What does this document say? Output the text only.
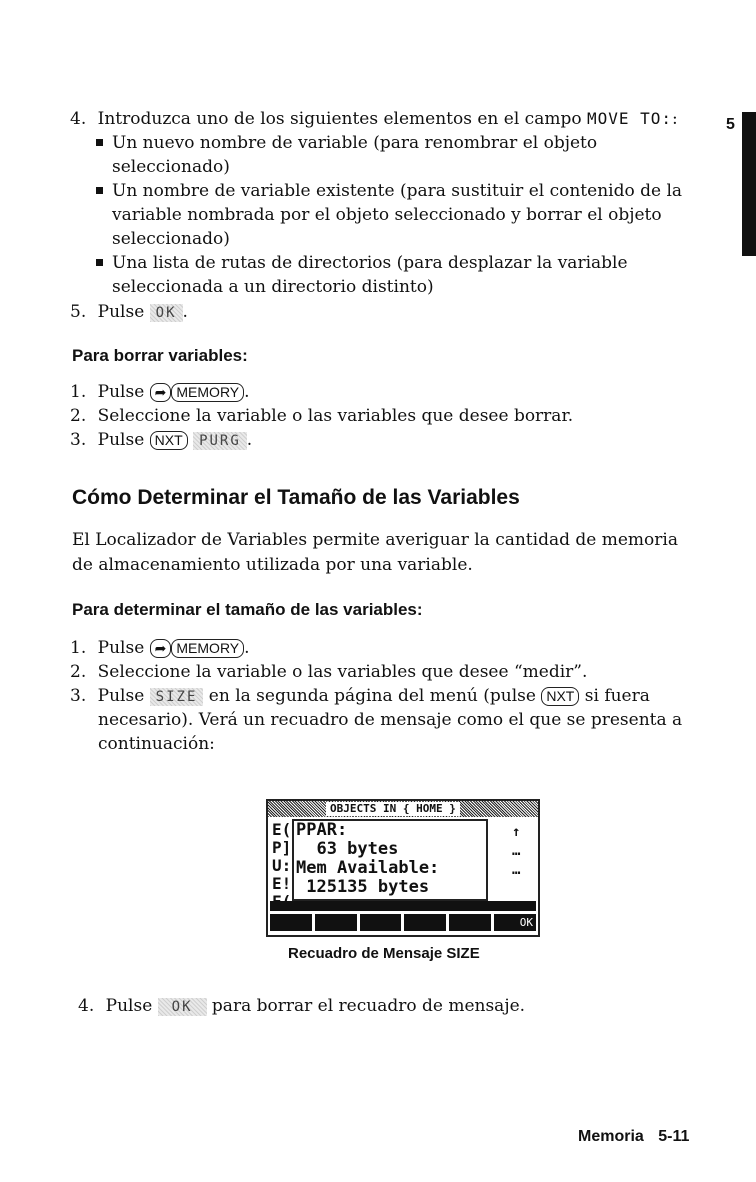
5
4. Introduzca uno de los siguientes elementos en el campo MOVE TO::
Un nuevo nombre de variable (para renombrar el objeto
seleccionado)
Un nombre de variable existente (para sustituir el contenido de la
variable nombrada por el objeto seleccionado y borrar el objeto
seleccionado)
Una lista de rutas de directorios (para desplazar la variable
seleccionada a un directorio distinto)
5. Pulse OK .
Para borrar variables:
1. Pulse ➦ MEMORY .
2. Seleccione la variable o las variables que desee borrar.
3. Pulse NXT PURG .
Cómo Determinar el Tamaño de las Variables
El Localizador de Variables permite averiguar la cantidad de memoria
de almacenamiento utilizada por una variable.
Para determinar el tamaño de las variables:
1. Pulse ➦ MEMORY .
2. Seleccione la variable o las variables que desee “medir”.
3. Pulse SIZE en la segunda página del menú (pulse NXT si fuera
necesario). Verá un recuadro de mensaje como el que se presenta a
continuación:
OBJECTS IN { HOME }
E(
P]
U:
E!
PPAR:
63 bytes
Mem Available:
125135 bytes
↑
…
…
OK
Recuadro de Mensaje SIZE
4. Pulse OK para borrar el recuadro de mensaje.
Memoria 5-11
